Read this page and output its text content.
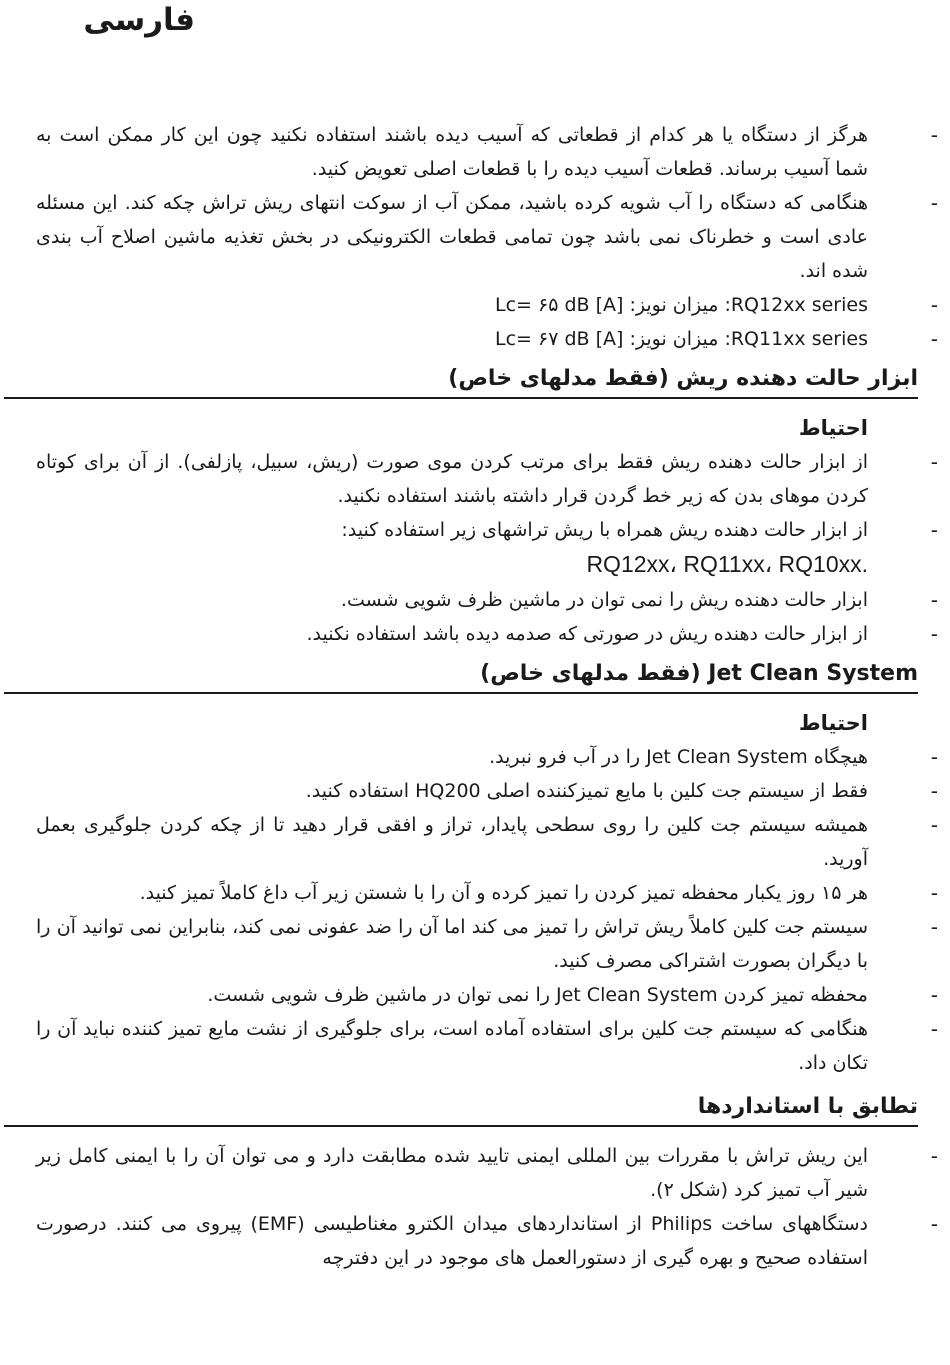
فارسی
-
هرگز از دستگاه یا هر کدام از قطعاتی که آسیب دیده باشند استفاده نکنید چون این کار ممکن است به شما آسیب برساند. قطعات آسیب دیده را با قطعات اصلی تعویض کنید.
-
هنگامی که دستگاه را آب شویه کرده باشید، ممکن آب از سوکت انتهای ریش تراش چکه کند. این مسئله عادی است و خطرناک نمی باشد چون تمامی قطعات الکترونیکی در بخش تغذیه ماشین اصلاح آب بندی شده اند.
-
RQ12xx series: میزان نویز: Lc= ۶۵ dB [A]
-
RQ11xx series: میزان نویز: Lc= ۶۷ dB [A]
ابزار حالت دهنده ریش (فقط مدلهای خاص)
احتیاط
-
از ابزار حالت دهنده ریش فقط برای مرتب کردن موی صورت (ریش، سبیل، پازلفی). از آن برای کوتاه کردن موهای بدن که زیر خط گردن قرار داشته باشند استفاده نکنید.
-
از ابزار حالت دهنده ریش همراه با ریش تراشهای زیر استفاده کنید:
RQ12xx، RQ11xx، RQ10xx.
-
ابزار حالت دهنده ریش را نمی توان در ماشین ظرف شویی شست.
-
از ابزار حالت دهنده ریش در صورتی که صدمه دیده باشد استفاده نکنید.
Jet Clean System (فقط مدلهای خاص)
احتیاط
-
هیچگاه Jet Clean System را در آب فرو نبرید.
-
فقط از سیستم جت کلین با مایع تمیزکننده اصلی HQ200 استفاده کنید.
-
همیشه سیستم جت کلین را روی سطحی پایدار، تراز و افقی قرار دهید تا از چکه کردن جلوگیری بعمل آورید.
-
هر ۱۵ روز یکبار محفظه تمیز کردن را تمیز کرده و آن را با شستن زیر آب داغ کاملاً تمیز کنید.
-
سیستم جت کلین کاملاً ریش تراش را تمیز می کند اما آن را ضد عفونی نمی کند، بنابراین نمی توانید آن را با دیگران بصورت اشتراکی مصرف کنید.
-
محفظه تمیز کردن Jet Clean System را نمی توان در ماشین ظرف شویی شست.
-
هنگامی که سیستم جت کلین برای استفاده آماده است، برای جلوگیری از نشت مایع تمیز کننده نباید آن را تکان داد.
تطابق با استانداردها
-
این ریش تراش با مقررات بین المللی ایمنی تایید شده مطابقت دارد و می توان آن را با ایمنی کامل زیر شیر آب تمیز کرد (شکل ۲).
-
دستگاههای ساخت Philips از استانداردهای میدان الکترو مغناطیسی (EMF) پیروی می کنند. درصورت استفاده صحیح و بهره گیری از دستورالعمل های موجود در این دفترچه
